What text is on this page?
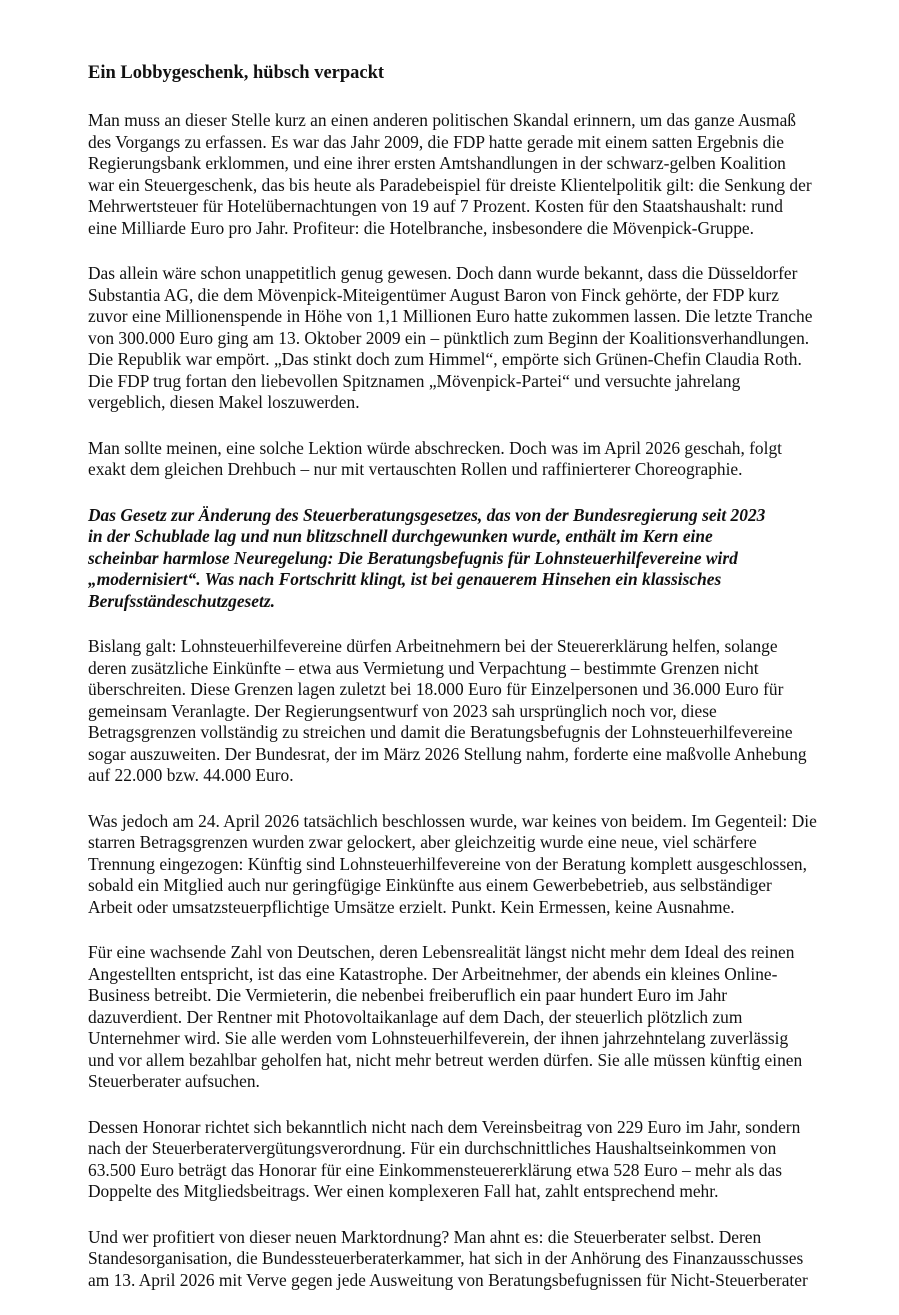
Ein Lobbygeschenk, hübsch verpackt
Man muss an dieser Stelle kurz an einen anderen politischen Skandal erinnern, um das ganze Ausmaß
des Vorgangs zu erfassen. Es war das Jahr 2009, die FDP hatte gerade mit einem satten Ergebnis die
Regierungsbank erklommen, und eine ihrer ersten Amtshandlungen in der schwarz-gelben Koalition
war ein Steuergeschenk, das bis heute als Paradebeispiel für dreiste Klientelpolitik gilt: die Senkung der
Mehrwertsteuer für Hotelübernachtungen von 19 auf 7 Prozent. Kosten für den Staatshaushalt: rund
eine Milliarde Euro pro Jahr. Profiteur: die Hotelbranche, insbesondere die Mövenpick-Gruppe.
Das allein wäre schon unappetitlich genug gewesen. Doch dann wurde bekannt, dass die Düsseldorfer
Substantia AG, die dem Mövenpick-Miteigentümer August Baron von Finck gehörte, der FDP kurz
zuvor eine Millionenspende in Höhe von 1,1 Millionen Euro hatte zukommen lassen. Die letzte Tranche
von 300.000 Euro ging am 13. Oktober 2009 ein – pünktlich zum Beginn der Koalitionsverhandlungen.
Die Republik war empört. „Das stinkt doch zum Himmel“, empörte sich Grünen-Chefin Claudia Roth.
Die FDP trug fortan den liebevollen Spitznamen „Mövenpick-Partei“ und versuchte jahrelang
vergeblich, diesen Makel loszuwerden.
Man sollte meinen, eine solche Lektion würde abschrecken. Doch was im April 2026 geschah, folgt
exakt dem gleichen Drehbuch – nur mit vertauschten Rollen und raffinierterer Choreographie.
Das Gesetz zur Änderung des Steuerberatungsgesetzes, das von der Bundesregierung seit 2023
in der Schublade lag und nun blitzschnell durchgewunken wurde, enthält im Kern eine
scheinbar harmlose Neuregelung: Die Beratungsbefugnis für Lohnsteuerhilfevereine wird
„modernisiert“. Was nach Fortschritt klingt, ist bei genauerem Hinsehen ein klassisches
Berufsständeschutzgesetz.
Bislang galt: Lohnsteuerhilfevereine dürfen Arbeitnehmern bei der Steuererklärung helfen, solange
deren zusätzliche Einkünfte – etwa aus Vermietung und Verpachtung – bestimmte Grenzen nicht
überschreiten. Diese Grenzen lagen zuletzt bei 18.000 Euro für Einzelpersonen und 36.000 Euro für
gemeinsam Veranlagte. Der Regierungsentwurf von 2023 sah ursprünglich noch vor, diese
Betragsgrenzen vollständig zu streichen und damit die Beratungsbefugnis der Lohnsteuerhilfevereine
sogar auszuweiten. Der Bundesrat, der im März 2026 Stellung nahm, forderte eine maßvolle Anhebung
auf 22.000 bzw. 44.000 Euro.
Was jedoch am 24. April 2026 tatsächlich beschlossen wurde, war keines von beidem. Im Gegenteil: Die
starren Betragsgrenzen wurden zwar gelockert, aber gleichzeitig wurde eine neue, viel schärfere
Trennung eingezogen: Künftig sind Lohnsteuerhilfevereine von der Beratung komplett ausgeschlossen,
sobald ein Mitglied auch nur geringfügige Einkünfte aus einem Gewerbebetrieb, aus selbständiger
Arbeit oder umsatzsteuerpflichtige Umsätze erzielt. Punkt. Kein Ermessen, keine Ausnahme.
Für eine wachsende Zahl von Deutschen, deren Lebensrealität längst nicht mehr dem Ideal des reinen
Angestellten entspricht, ist das eine Katastrophe. Der Arbeitnehmer, der abends ein kleines Online-
Business betreibt. Die Vermieterin, die nebenbei freiberuflich ein paar hundert Euro im Jahr
dazuverdient. Der Rentner mit Photovoltaikanlage auf dem Dach, der steuerlich plötzlich zum
Unternehmer wird. Sie alle werden vom Lohnsteuerhilfeverein, der ihnen jahrzehntelang zuverlässig
und vor allem bezahlbar geholfen hat, nicht mehr betreut werden dürfen. Sie alle müssen künftig einen
Steuerberater aufsuchen.
Dessen Honorar richtet sich bekanntlich nicht nach dem Vereinsbeitrag von 229 Euro im Jahr, sondern
nach der Steuerberatervergütungsverordnung. Für ein durchschnittliches Haushaltseinkommen von
63.500 Euro beträgt das Honorar für eine Einkommensteuererklärung etwa 528 Euro – mehr als das
Doppelte des Mitgliedsbeitrags. Wer einen komplexeren Fall hat, zahlt entsprechend mehr.
Und wer profitiert von dieser neuen Marktordnung? Man ahnt es: die Steuerberater selbst. Deren
Standesorganisation, die Bundessteuerberaterkammer, hat sich in der Anhörung des Finanzausschusses
am 13. April 2026 mit Verve gegen jede Ausweitung von Beratungsbefugnissen für Nicht-Steuerberater
